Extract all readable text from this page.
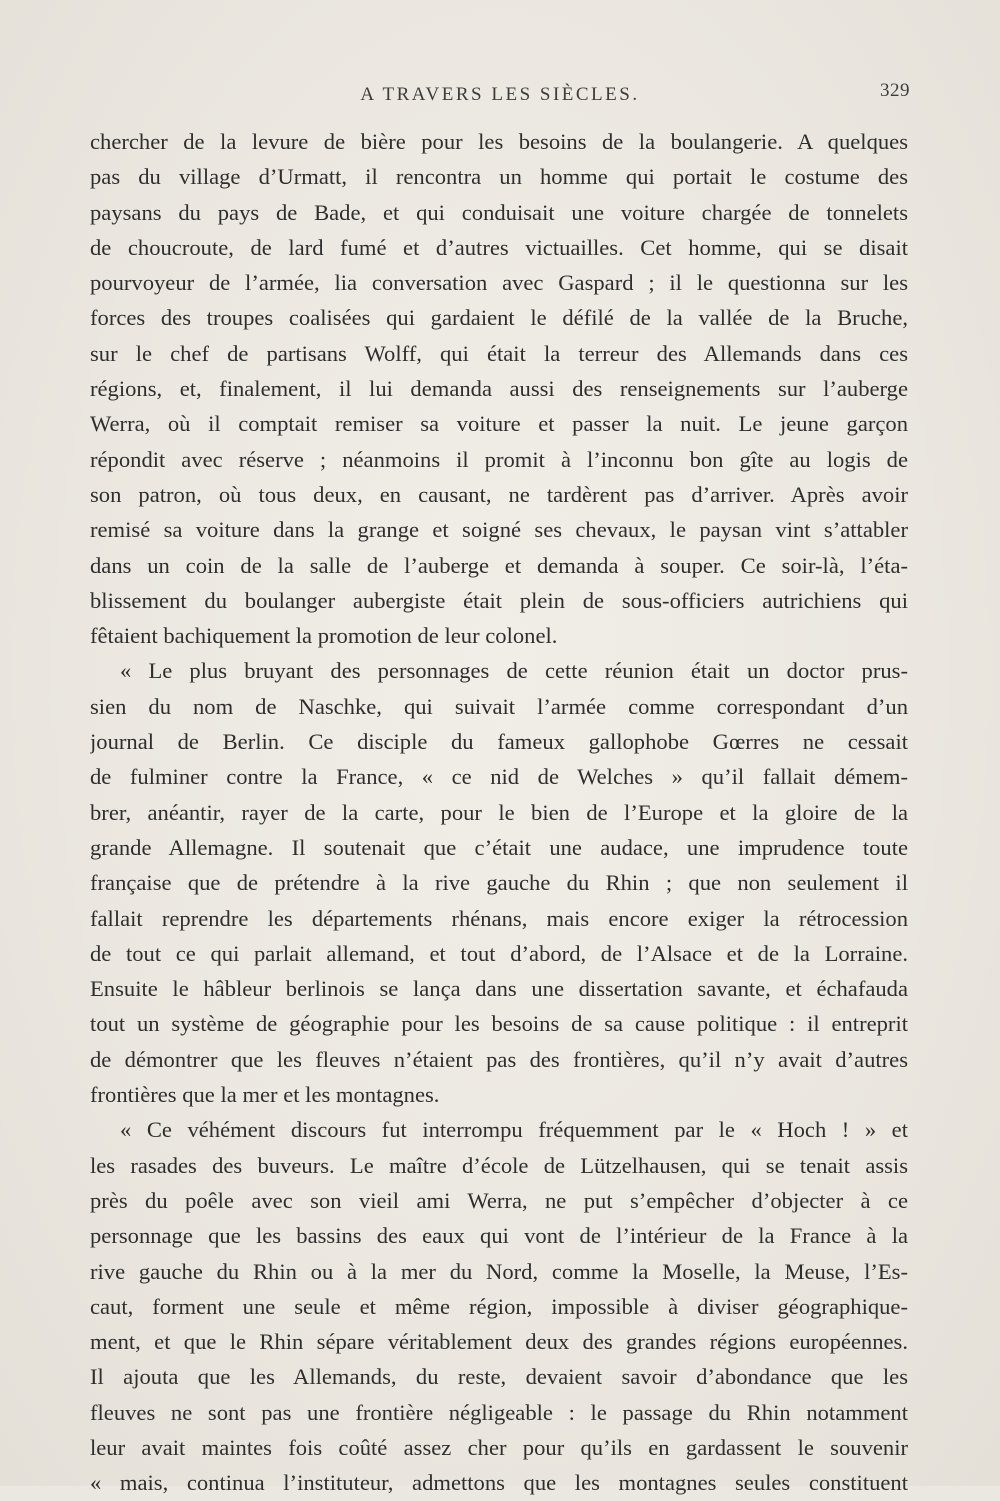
A TRAVERS LES SIÈCLES.	329
chercher de la levure de bière pour les besoins de la boulangerie. A quelques
pas du village d’Urmatt, il rencontra un homme qui portait le costume des
paysans du pays de Bade, et qui conduisait une voiture chargée de tonnelets
de choucroute, de lard fumé et d’autres victuailles. Cet homme, qui se disait
pourvoyeur de l’armée, lia conversation avec Gaspard ; il le questionna sur les
forces des troupes coalisées qui gardaient le défilé de la vallée de la Bruche,
sur le chef de partisans Wolff, qui était la terreur des Allemands dans ces
régions, et, finalement, il lui demanda aussi des renseignements sur l’auberge
Werra, où il comptait remiser sa voiture et passer la nuit. Le jeune garçon
répondit avec réserve ; néanmoins il promit à l’inconnu bon gîte au logis de
son patron, où tous deux, en causant, ne tardèrent pas d’arriver. Après avoir
remisé sa voiture dans la grange et soigné ses chevaux, le paysan vint s’attabler
dans un coin de la salle de l’auberge et demanda à souper. Ce soir-là, l’éta-
blissement du boulanger aubergiste était plein de sous-officiers autrichiens qui
fêtaient bachiquement la promotion de leur colonel.
« Le plus bruyant des personnages de cette réunion était un doctor prus-
sien du nom de Naschke, qui suivait l’armée comme correspondant d’un
journal de Berlin. Ce disciple du fameux gallophobe Gœrres ne cessait
de fulminer contre la France, « ce nid de Welches » qu’il fallait démem-
brer, anéantir, rayer de la carte, pour le bien de l’Europe et la gloire de la
grande Allemagne. Il soutenait que c’était une audace, une imprudence toute
française que de prétendre à la rive gauche du Rhin ; que non seulement il
fallait reprendre les départements rhénans, mais encore exiger la rétrocession
de tout ce qui parlait allemand, et tout d’abord, de l’Alsace et de la Lorraine.
Ensuite le hâbleur berlinois se lança dans une dissertation savante, et échafauda
tout un système de géographie pour les besoins de sa cause politique : il entreprit
de démontrer que les fleuves n’étaient pas des frontières, qu’il n’y avait d’autres
frontières que la mer et les montagnes.
« Ce véhément discours fut interrompu fréquemment par le « Hoch ! » et
les rasades des buveurs. Le maître d’école de Lützelhausen, qui se tenait assis
près du poêle avec son vieil ami Werra, ne put s’empêcher d’objecter à ce
personnage que les bassins des eaux qui vont de l’intérieur de la France à la
rive gauche du Rhin ou à la mer du Nord, comme la Moselle, la Meuse, l’Es-
caut, forment une seule et même région, impossible à diviser géographique-
ment, et que le Rhin sépare véritablement deux des grandes régions européennes.
Il ajouta que les Allemands, du reste, devaient savoir d’abondance que les
fleuves ne sont pas une frontière négligeable : le passage du Rhin notamment
leur avait maintes fois coûté assez cher pour qu’ils en gardassent le souvenir
« mais, continua l’instituteur, admettons que les montagnes seules constituent
